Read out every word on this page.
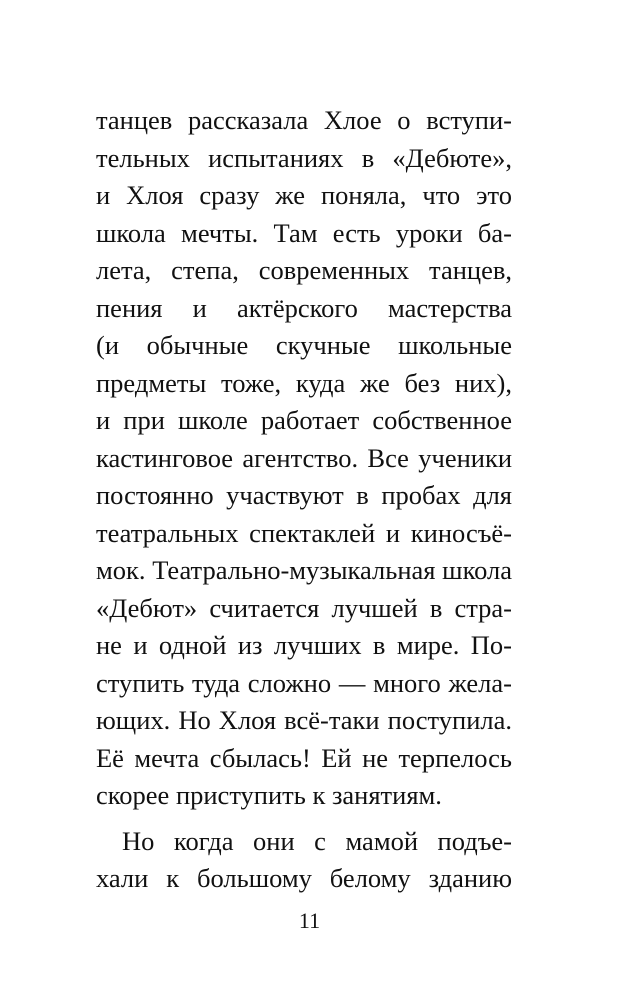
танцев рассказала Хлое о вступи-
тельных испытаниях в «Дебюте»,
и Хлоя сразу же поняла, что это
школа мечты. Там есть уроки ба-
лета, степа, современных танцев,
пения и актёрского мастерства
(и обычные скучные школьные
предметы тоже, куда же без них),
и при школе работает собственное
кастинговое агентство. Все ученики
постоянно участвуют в пробах для
театральных спектаклей и киносъё-
мок. Театрально-музыкальная школа
«Дебют» считается лучшей в стра-
не и одной из лучших в мире. По-
ступить туда сложно — много жела-
ющих. Но Хлоя всё-таки поступила.
Её мечта сбылась! Ей не терпелось
скорее приступить к занятиям.
Но когда они с мамой подъе-
хали к большому белому зданию
11
